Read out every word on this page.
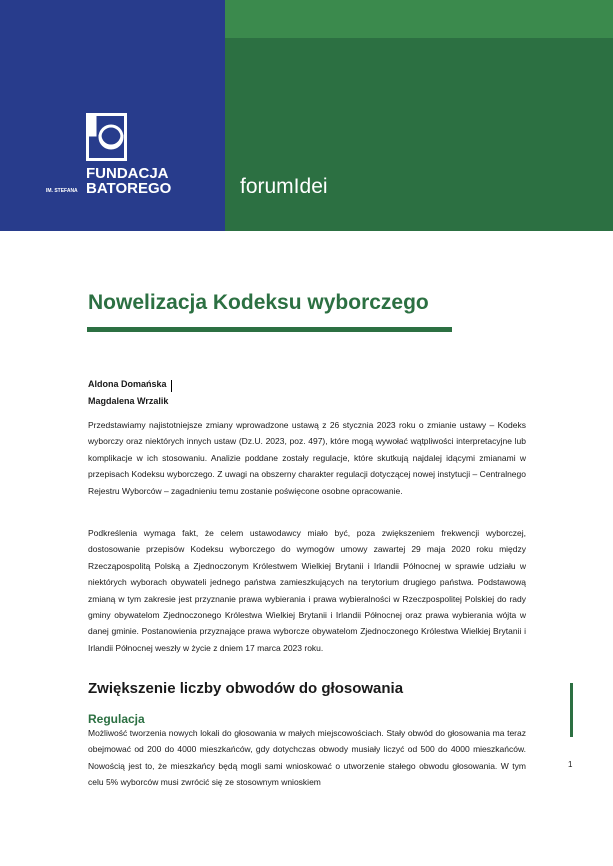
IM. STEFANA
FUNDACJA
BATOREGO	forumIdei
Nowelizacja Kodeksu wyborczego
Aldona Domańska
Magdalena Wrzalik

Przedstawiamy najistotniejsze zmiany wprowadzone ustawą z 26 stycznia 2023 roku o zmianie ustawy – Kodeks wyborczy oraz niektórych innych ustaw (Dz.U. 2023, poz. 497), które mogą wywołać wątpliwości interpretacyjne lub komplikacje w ich stosowaniu. Analizie poddane zostały regulacje, które skutkują najdalej idącymi zmianami w przepisach Kodeksu wyborczego. Z uwagi na obszerny charakter regulacji dotyczącej nowej instytucji – Centralnego Rejestru Wyborców – zagadnieniu temu zostanie poświęcone osobne opracowanie.

Podkreślenia wymaga fakt, że celem ustawodawcy miało być, poza zwiększeniem frekwencji wyborczej, dostosowanie przepisów Kodeksu wyborczego do wymogów umowy zawartej 29 maja 2020 roku między Rzecząpospolitą Polską a Zjednoczonym Królestwem Wielkiej Brytanii i Irlandii Północnej w sprawie udziału w niektórych wyborach obywateli jednego państwa zamieszkujących na terytorium drugiego państwa. Podstawową zmianą w tym zakresie jest przyznanie prawa wybierania i prawa wybieralności w Rzeczpospolitej Polskiej do rady gminy obywatelom Zjednoczonego Królestwa Wielkiej Brytanii i Irlandii Północnej oraz prawa wybierania wójta w danej gminie. Postanowienia przyznające prawa wyborcze obywatelom Zjednoczonego Królestwa Wielkiej Brytanii i Irlandii Północnej weszły w życie z dniem 17 marca 2023 roku.

Zwiększenie liczby obwodów do głosowania
Regulacja

Możliwość tworzenia nowych lokali do głosowania w małych miejscowościach. Stały obwód do głosowania ma teraz obejmować od 200 do 4000 mieszkańców, gdy dotychczas obwody musiały liczyć od 500 do 4000 mieszkańców. Nowością jest to, że mieszkańcy będą mogli sami wnioskować o utworzenie stałego obwodu głosowania. W tym celu 5% wyborców musi zwrócić się ze stosownym wnioskiem

1
